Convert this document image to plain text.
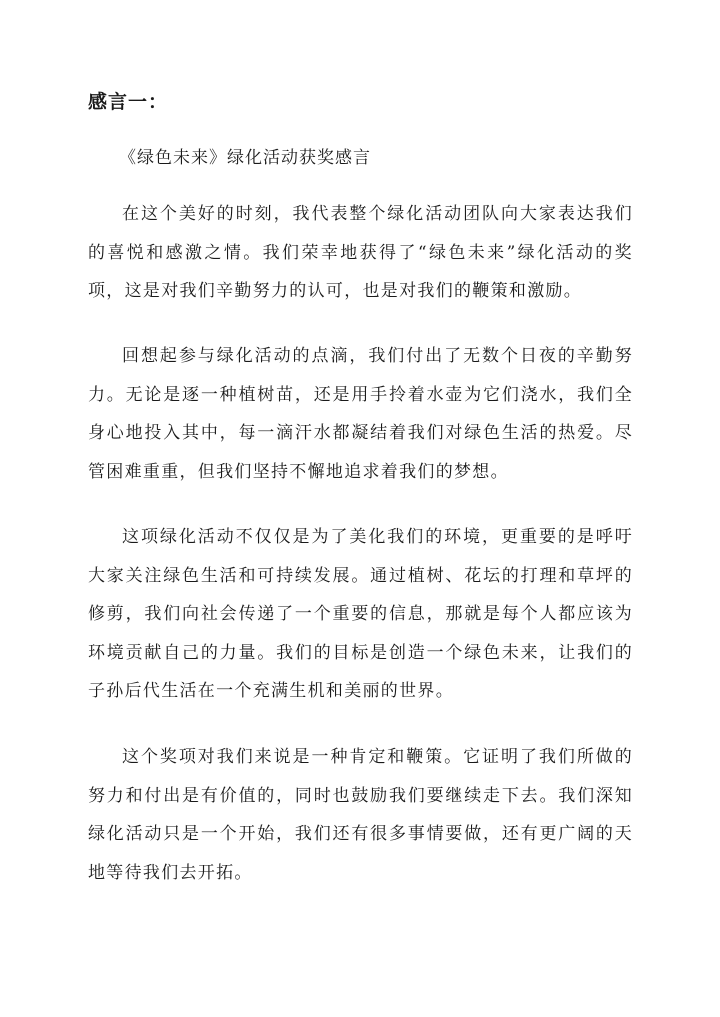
感言一：
《绿色未来》绿化活动获奖感言

在这个美好的时刻，我代表整个绿化活动团队向大家表达我们的喜悦和感激之情。我们荣幸地获得了“绿色未来”绿化活动的奖项，这是对我们辛勤努力的认可，也是对我们的鞭策和激励。

回想起参与绿化活动的点滴，我们付出了无数个日夜的辛勤努力。无论是逐一种植树苗，还是用手拎着水壶为它们浇水，我们全身心地投入其中，每一滴汗水都凝结着我们对绿色生活的热爱。尽管困难重重，但我们坚持不懈地追求着我们的梦想。

这项绿化活动不仅仅是为了美化我们的环境，更重要的是呼吁大家关注绿色生活和可持续发展。通过植树、花坛的打理和草坪的修剪，我们向社会传递了一个重要的信息，那就是每个人都应该为环境贡献自己的力量。我们的目标是创造一个绿色未来，让我们的子孙后代生活在一个充满生机和美丽的世界。

这个奖项对我们来说是一种肯定和鞭策。它证明了我们所做的努力和付出是有价值的，同时也鼓励我们要继续走下去。我们深知绿化活动只是一个开始，我们还有很多事情要做，还有更广阔的天地等待我们去开拓。
